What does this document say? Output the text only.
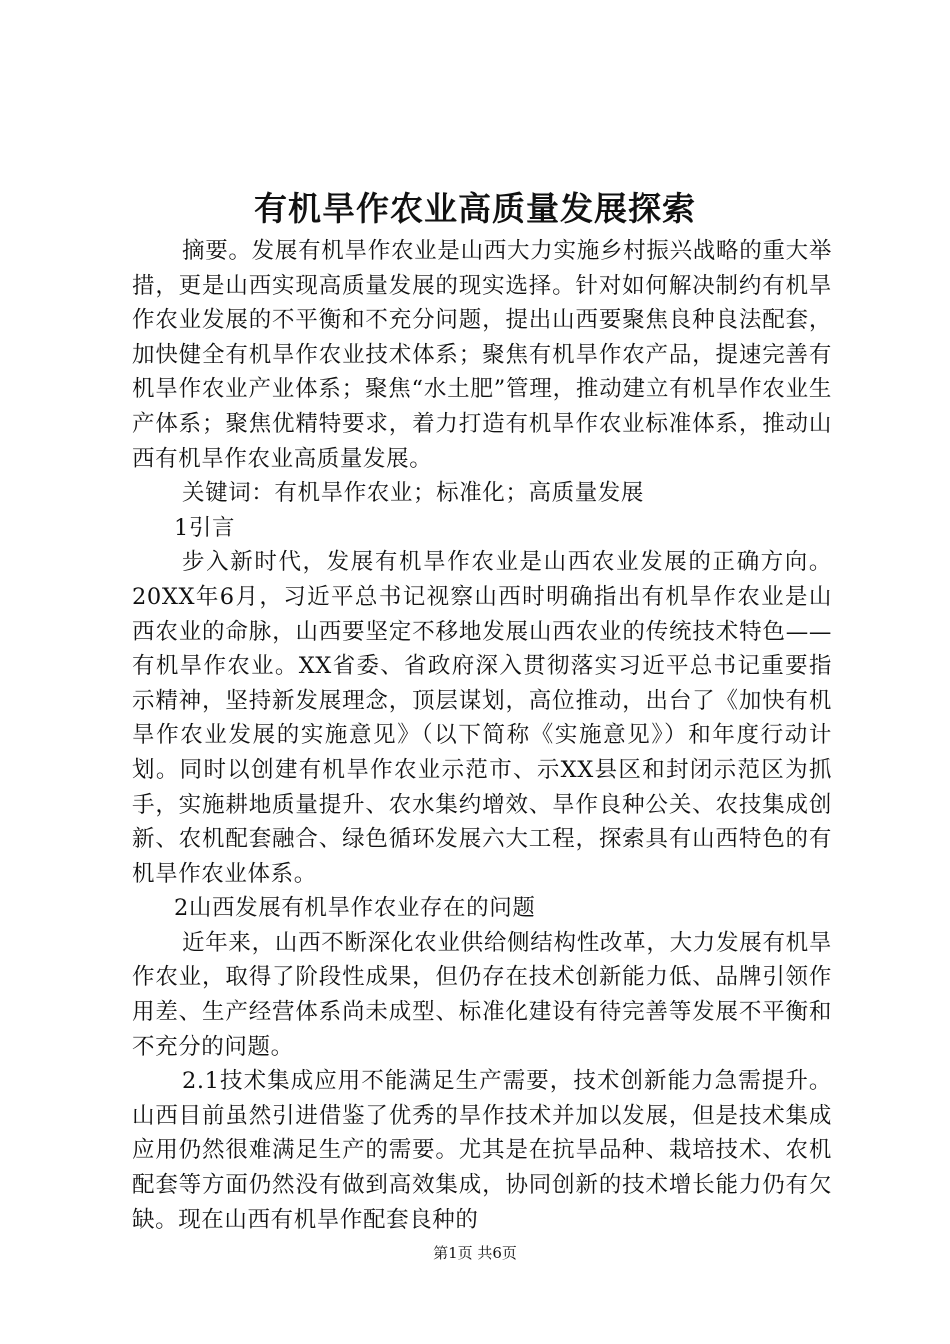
有机旱作农业高质量发展探索

摘要。发展有机旱作农业是山西大力实施乡村振兴战略的重大举措，更是山西实现高质量发展的现实选择。针对如何解决制约有机旱作农业发展的不平衡和不充分问题，提出山西要聚焦良种良法配套，加快健全有机旱作农业技术体系；聚焦有机旱作农产品，提速完善有机旱作农业产业体系；聚焦“水土肥”管理，推动建立有机旱作农业生产体系；聚焦优精特要求，着力打造有机旱作农业标准体系，推动山西有机旱作农业高质量发展。

关键词：有机旱作农业；标准化；高质量发展

1引言

步入新时代，发展有机旱作农业是山西农业发展的正确方向。20XX年6月，习近平总书记视察山西时明确指出有机旱作农业是山西农业的命脉，山西要坚定不移地发展山西农业的传统技术特色——有机旱作农业。XX省委、省政府深入贯彻落实习近平总书记重要指示精神，坚持新发展理念，顶层谋划，高位推动，出台了《加快有机旱作农业发展的实施意见》（以下简称《实施意见》）和年度行动计划。同时以创建有机旱作农业示范市、示XX县区和封闭示范区为抓手，实施耕地质量提升、农水集约增效、旱作良种公关、农技集成创新、农机配套融合、绿色循环发展六大工程，探索具有山西特色的有机旱作农业体系。

2山西发展有机旱作农业存在的问题

近年来，山西不断深化农业供给侧结构性改革，大力发展有机旱作农业，取得了阶段性成果，但仍存在技术创新能力低、品牌引领作用差、生产经营体系尚未成型、标准化建设有待完善等发展不平衡和不充分的问题。

2.1技术集成应用不能满足生产需要，技术创新能力急需提升。山西目前虽然引进借鉴了优秀的旱作技术并加以发展，但是技术集成应用仍然很难满足生产的需要。尤其是在抗旱品种、栽培技术、农机配套等方面仍然没有做到高效集成，协同创新的技术增长能力仍有欠缺。现在山西有机旱作配套良种的

第1页 共6页
